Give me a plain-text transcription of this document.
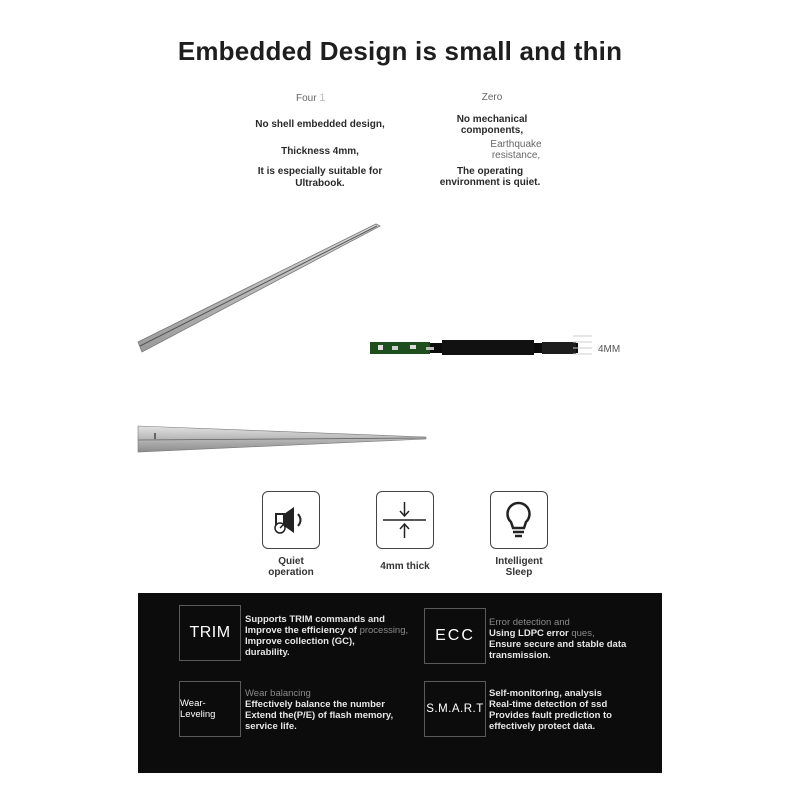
Embedded Design is small and thin
Four 1
No shell embedded design,
Thickness 4mm,
It is especially suitable for
Ultrabook.
Zero
No mechanical
components,
Earthquake
resistance,
The operating
environment is quiet.
4MM
Quiet
operation
4mm thick	Intelligent
Sleep
TRIM
Supports TRIM commands and
Improve the efficiency of processing,
Improve collection (GC),
durability.
ECC
Error detection and
Using LDPC error ques,
Ensure secure and stable data
transmission.
Wear-Leveling
Wear balancing
Effectively balance the number
Extend the(P/E) of flash memory,
service life.
S.M.A.R.T
Self-monitoring, analysis
Real-time detection of ssd
Provides fault prediction to
effectively protect data.
